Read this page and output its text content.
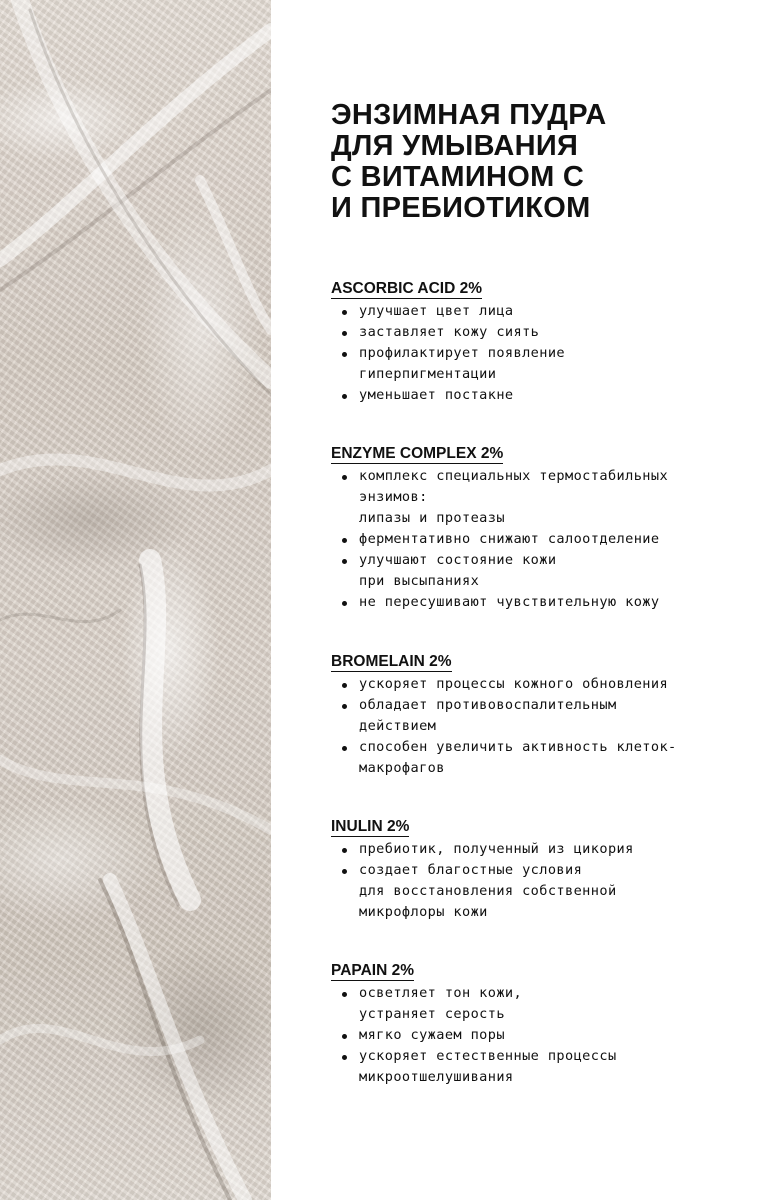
ЭНЗИМНАЯ ПУДРА
ДЛЯ УМЫВАНИЯ
С ВИТАМИНОМ С
И ПРЕБИОТИКОМ
ASCORBIC ACID 2%
улучшает цвет лица
заставляет кожу сиять
профилактирует появление
гиперпигментации
уменьшает постакне
ENZYME COMPLEX 2%
комплекс специальных термостабильных
энзимов:
липазы и протеазы
ферментативно снижают салоотделение
улучшают состояние кожи
при высыпаниях
не пересушивают чувствительную кожу
BROMELAIN 2%
ускоряет процессы кожного обновления
обладает противовоспалительным
действием
способен увеличить активность клеток-
макрофагов
INULIN 2%
пребиотик, полученный из цикория
создает благостные условия
для восстановления собственной
микрофлоры кожи
PAPAIN 2%
осветляет тон кожи,
устраняет серость
мягко сужаем поры
ускоряет естественные процессы
микроотшелушивания
